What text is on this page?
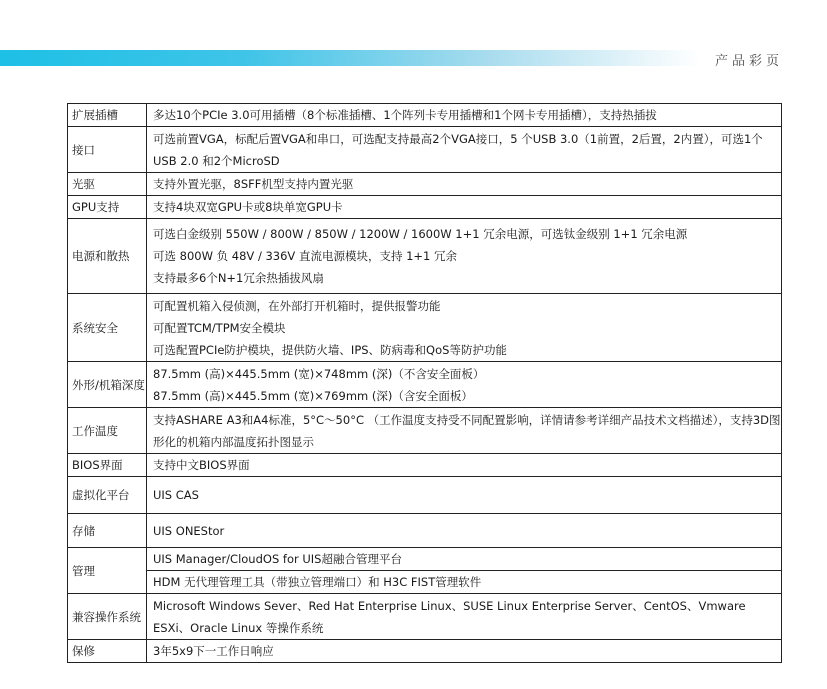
产品彩页
扩展插槽	多达10个PCIe 3.0可用插槽（8个标准插槽、1个阵列卡专用插槽和1个网卡专用插槽），支持热插拔

接口	可选前置VGA，标配后置VGA和串口，可选配支持最高2个VGA接口，5 个USB 3.0（1前置，2后置，2内置），可选1个USB 2.0 和2个MicroSD

光驱	支持外置光驱，8SFF机型支持内置光驱

GPU支持	支持4块双宽GPU卡或8块单宽GPU卡

电源和散热	可选白金级别 550W / 800W / 850W / 1200W / 1600W 1+1 冗余电源，可选钛金级别 1+1 冗余电源
可选 800W 负 48V / 336V 直流电源模块，支持 1+1 冗余
支持最多6个N+1冗余热插拔风扇

系统安全	可配置机箱入侵侦测，在外部打开机箱时，提供报警功能
可配置TCM/TPM安全模块
可选配置PCIe防护模块，提供防火墙、IPS、防病毒和QoS等防护功能

外形/机箱深度	87.5mm (高)×445.5mm (宽)×748mm (深)（不含安全面板）
87.5mm (高)×445.5mm (宽)×769mm (深)（含安全面板）

工作温度	支持ASHARE A3和A4标准，5°C～50°C （工作温度支持受不同配置影响，详情请参考详细产品技术文档描述），支持3D图形化的机箱内部温度拓扑图显示

BIOS界面	支持中文BIOS界面

虚拟化平台	UIS CAS

存储	UIS ONEStor

管理	UIS Manager/CloudOS for UIS超融合管理平台
HDM 无代理管理工具（带独立管理端口）和 H3C FIST管理软件

兼容操作系统	Microsoft Windows Sever、Red Hat Enterprise Linux、SUSE Linux Enterprise Server、CentOS、Vmware ESXi、Oracle Linux 等操作系统

保修	3年5x9下一工作日响应
